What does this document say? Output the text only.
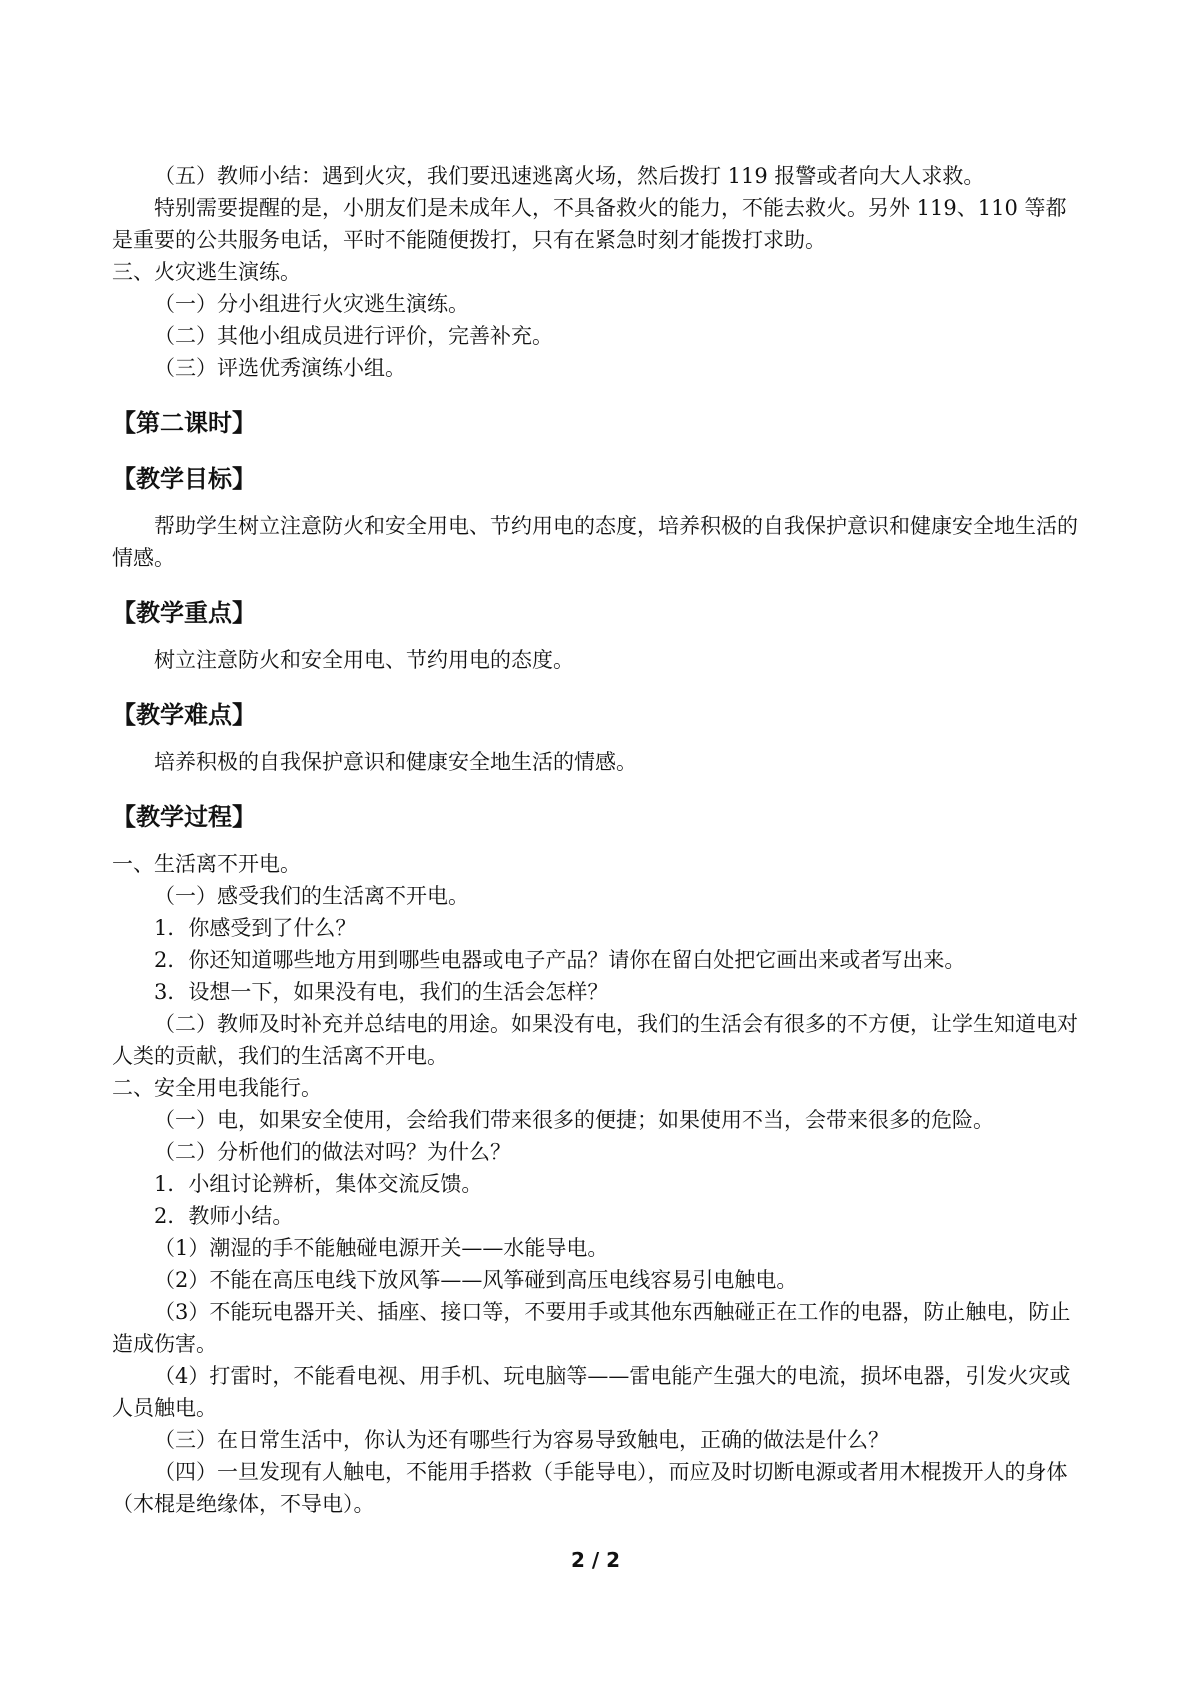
（五）教师小结：遇到火灾，我们要迅速逃离火场，然后拨打 119 报警或者向大人求救。

特别需要提醒的是，小朋友们是未成年人，不具备救火的能力，不能去救火。另外 119、110 等都是重要的公共服务电话，平时不能随便拨打，只有在紧急时刻才能拨打求助。

三、火灾逃生演练。

（一）分小组进行火灾逃生演练。

（二）其他小组成员进行评价，完善补充。

（三）评选优秀演练小组。

【第二课时】

【教学目标】

帮助学生树立注意防火和安全用电、节约用电的态度，培养积极的自我保护意识和健康安全地生活的情感。

【教学重点】

树立注意防火和安全用电、节约用电的态度。

【教学难点】

培养积极的自我保护意识和健康安全地生活的情感。

【教学过程】

一、生活离不开电。

（一）感受我们的生活离不开电。

1．你感受到了什么？

2．你还知道哪些地方用到哪些电器或电子产品？请你在留白处把它画出来或者写出来。

3．设想一下，如果没有电，我们的生活会怎样？

（二）教师及时补充并总结电的用途。如果没有电，我们的生活会有很多的不方便，让学生知道电对人类的贡献，我们的生活离不开电。

二、安全用电我能行。

（一）电，如果安全使用，会给我们带来很多的便捷；如果使用不当，会带来很多的危险。

（二）分析他们的做法对吗？为什么？

1．小组讨论辨析，集体交流反馈。

2．教师小结。

（1）潮湿的手不能触碰电源开关——水能导电。

（2）不能在高压电线下放风筝——风筝碰到高压电线容易引电触电。

（3）不能玩电器开关、插座、接口等，不要用手或其他东西触碰正在工作的电器，防止触电，防止造成伤害。

（4）打雷时，不能看电视、用手机、玩电脑等——雷电能产生强大的电流，损坏电器，引发火灾或人员触电。

（三）在日常生活中，你认为还有哪些行为容易导致触电，正确的做法是什么？

（四）一旦发现有人触电，不能用手搭救（手能导电），而应及时切断电源或者用木棍拨开人的身体（木棍是绝缘体，不导电）。

2 / 2
